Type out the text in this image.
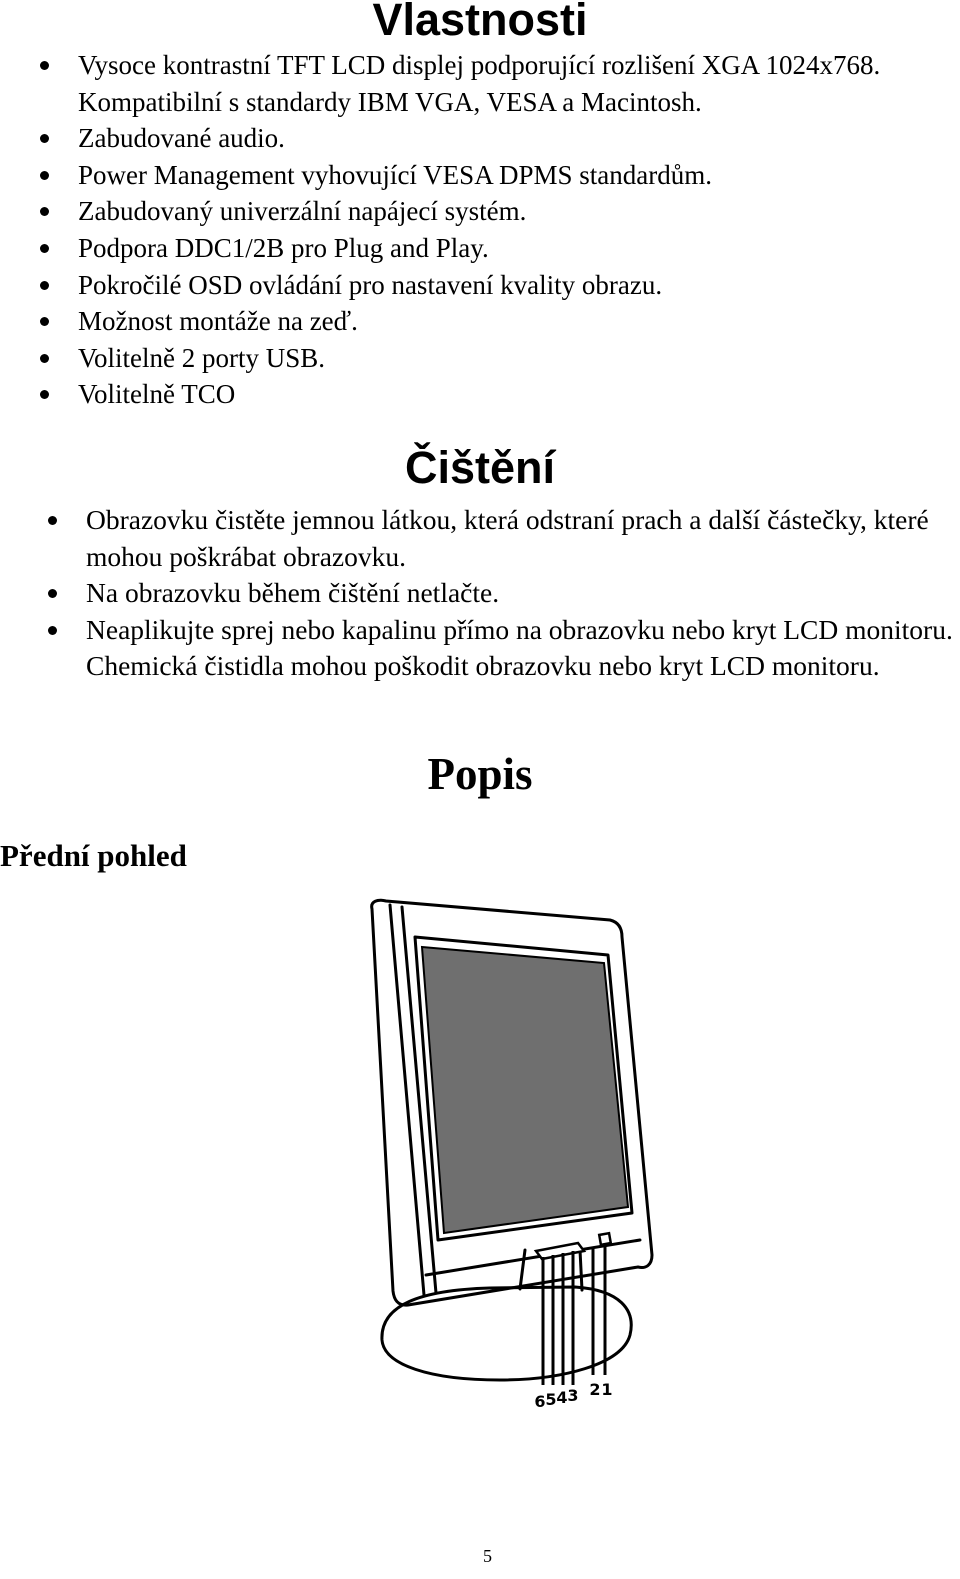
Vlastnosti
Vysoce kontrastní TFT LCD displej podporující rozlišení XGA 1024x768. Kompatibilní s standardy IBM VGA, VESA a Macintosh.
Zabudované audio.
Power Management vyhovující VESA DPMS standardům.
Zabudovaný univerzální napájecí systém.
Podpora DDC1/2B pro Plug and Play.
Pokročilé OSD ovládání pro nastavení kvality obrazu.
Možnost montáže na zeď.
Volitelně 2 porty USB.
Volitelně TCO
Čištění
Obrazovku čistěte jemnou látkou, která odstraní prach a další částečky, které mohou poškrábat obrazovku.
Na obrazovku během čištění netlačte.
Neaplikujte sprej nebo kapalinu přímo na obrazovku nebo kryt LCD monitoru. Chemická čistidla mohou poškodit obrazovku nebo kryt LCD monitoru.
Popis
Přední pohled
6 5 4 3 2 1
5
